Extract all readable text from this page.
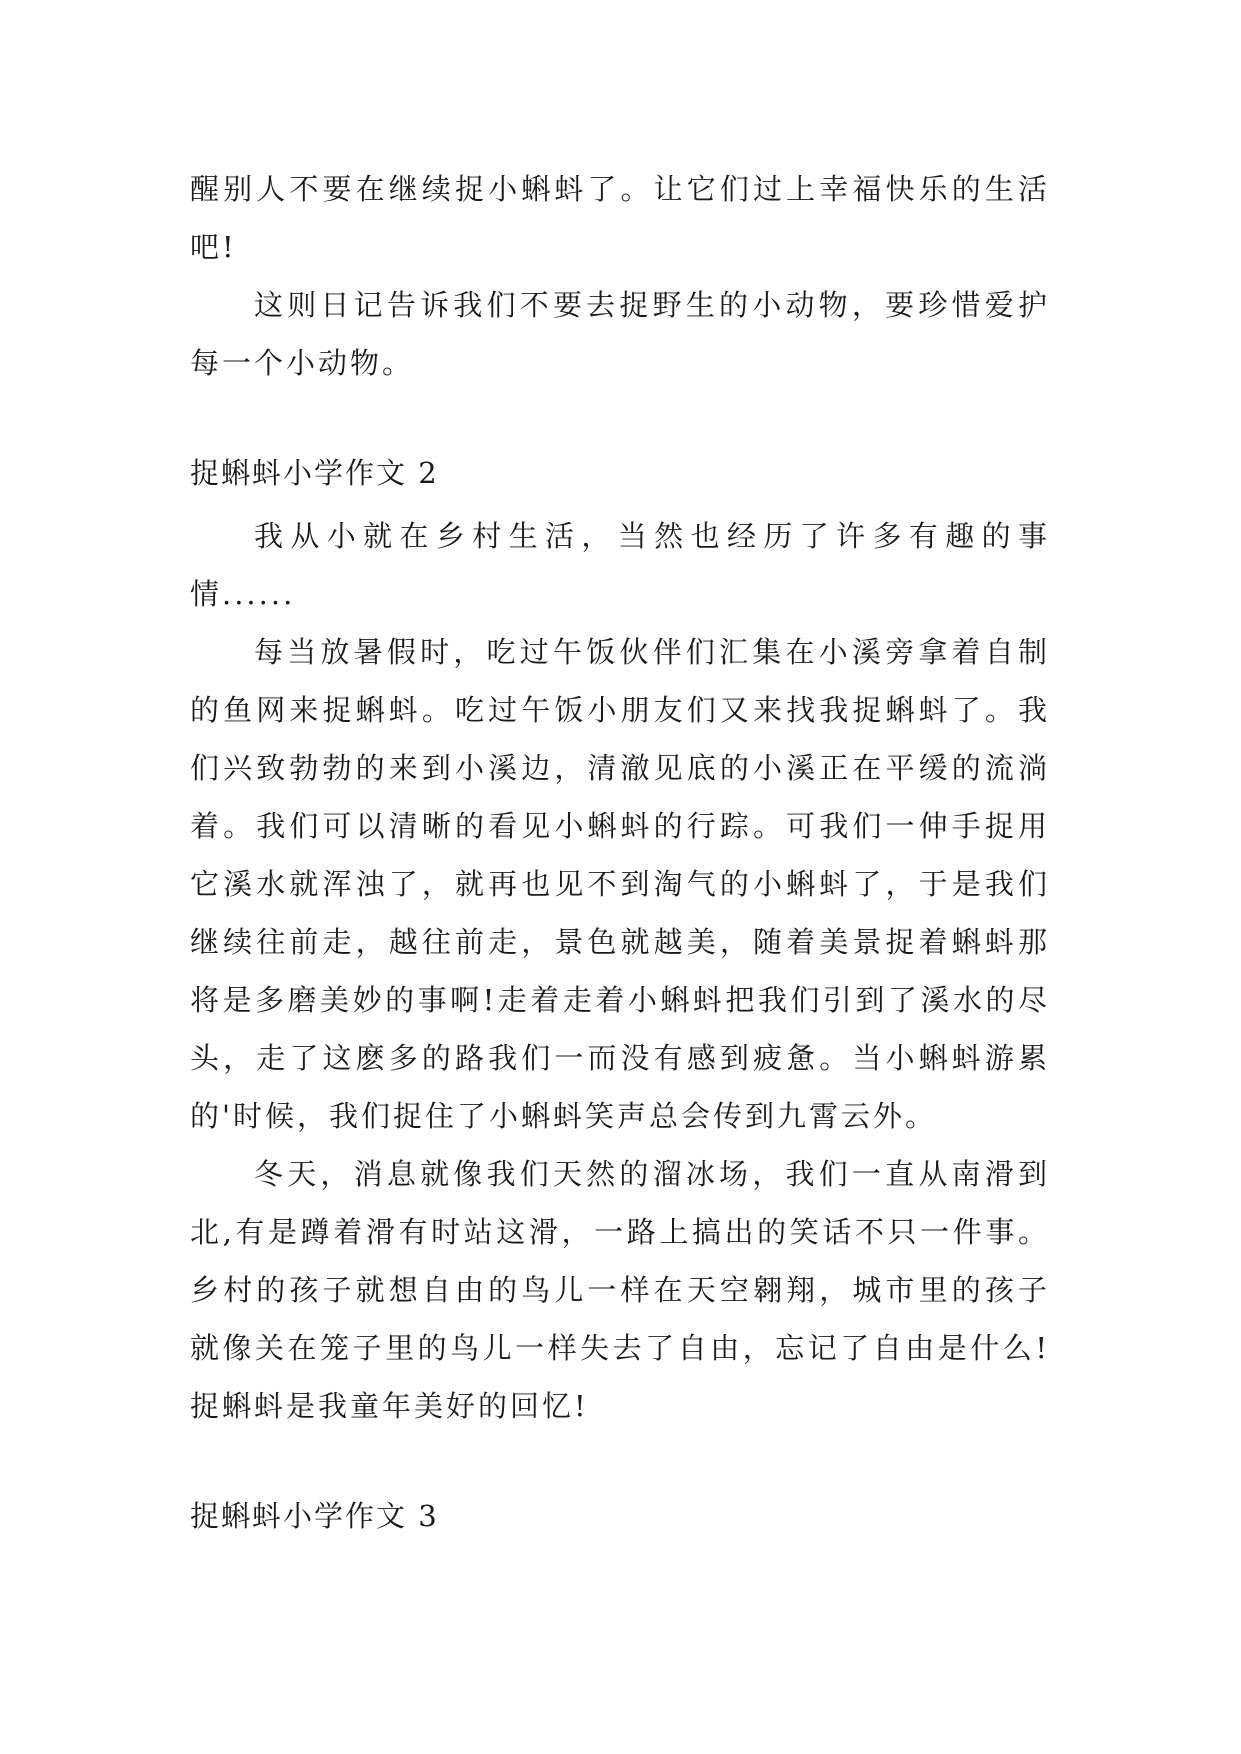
醒别人不要在继续捉小蝌蚪了。让它们过上幸福快乐的生活吧!

这则日记告诉我们不要去捉野生的小动物，要珍惜爱护每一个小动物。

捉蝌蚪小学作文 2

我从小就在乡村生活，当然也经历了许多有趣的事情......

每当放暑假时，吃过午饭伙伴们汇集在小溪旁拿着自制的鱼网来捉蝌蚪。吃过午饭小朋友们又来找我捉蝌蚪了。我们兴致勃勃的来到小溪边，清澈见底的小溪正在平缓的流淌着。我们可以清晰的看见小蝌蚪的行踪。可我们一伸手捉用它溪水就浑浊了，就再也见不到淘气的小蝌蚪了，于是我们继续往前走，越往前走，景色就越美，随着美景捉着蝌蚪那将是多磨美妙的事啊!走着走着小蝌蚪把我们引到了溪水的尽头，走了这麽多的路我们一而没有感到疲惫。当小蝌蚪游累的'时候，我们捉住了小蝌蚪笑声总会传到九霄云外。

冬天，消息就像我们天然的溜冰场，我们一直从南滑到北,有是蹲着滑有时站这滑，一路上搞出的笑话不只一件事。乡村的孩子就想自由的鸟儿一样在天空翱翔，城市里的孩子就像关在笼子里的鸟儿一样失去了自由，忘记了自由是什么!捉蝌蚪是我童年美好的回忆!

捉蝌蚪小学作文 3
